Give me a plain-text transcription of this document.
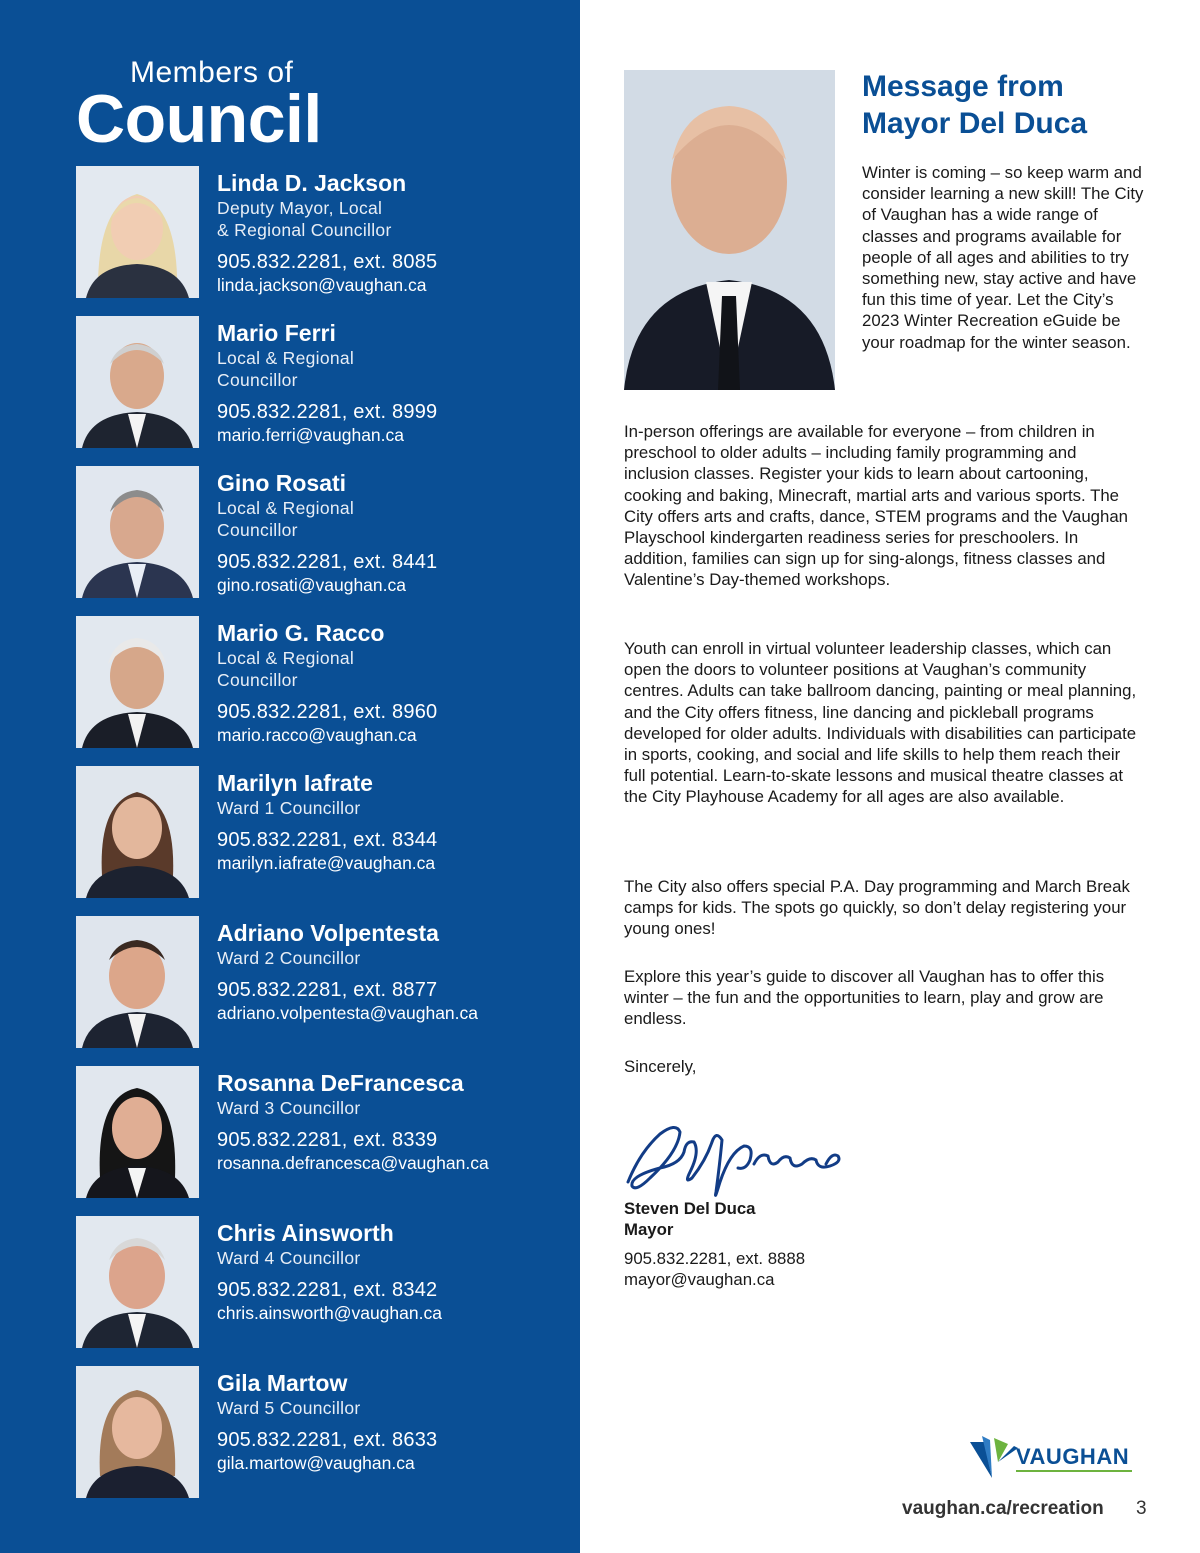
Members of
Council
Linda D. Jackson
Deputy Mayor, Local
& Regional Councillor
905.832.2281, ext. 8085
linda.jackson@vaughan.ca
Mario Ferri
Local & Regional
Councillor
905.832.2281, ext. 8999
mario.ferri@vaughan.ca
Gino Rosati
Local & Regional
Councillor
905.832.2281, ext. 8441
gino.rosati@vaughan.ca
Mario G. Racco
Local & Regional
Councillor
905.832.2281, ext. 8960
mario.racco@vaughan.ca
Marilyn Iafrate
Ward 1 Councillor
905.832.2281, ext. 8344
marilyn.iafrate@vaughan.ca
Adriano Volpentesta
Ward 2 Councillor
905.832.2281, ext. 8877
adriano.volpentesta@vaughan.ca
Rosanna DeFrancesca
Ward 3 Councillor
905.832.2281, ext. 8339
rosanna.defrancesca@vaughan.ca
Chris Ainsworth
Ward 4 Councillor
905.832.2281, ext. 8342
chris.ainsworth@vaughan.ca
Gila Martow
Ward 5 Councillor
905.832.2281, ext. 8633
gila.martow@vaughan.ca
Message from
Mayor Del Duca
Winter is coming – so keep warm and consider learning a new skill! The City of Vaughan has a wide range of classes and programs available for people of all ages and abilities to try something new, stay active and have fun this time of year. Let the City’s 2023 Winter Recreation eGuide be your roadmap for the winter season.
In-person offerings are available for everyone – from children in preschool to older adults – including family programming and inclusion classes. Register your kids to learn about cartooning, cooking and baking, Minecraft, martial arts and various sports. The City offers arts and crafts, dance, STEM programs and the Vaughan Playschool kindergarten readiness series for preschoolers. In addition, families can sign up for sing-alongs, fitness classes and Valentine’s Day-themed workshops.
Youth can enroll in virtual volunteer leadership classes, which can open the doors to volunteer positions at Vaughan’s community centres. Adults can take ballroom dancing, painting or meal planning, and the City offers fitness, line dancing and pickleball programs developed for older adults. Individuals with disabilities can participate in sports, cooking, and social and life skills to help them reach their full potential. Learn-to-skate lessons and musical theatre classes at the City Playhouse Academy for all ages are also available.
The City also offers special P.A. Day programming and March Break camps for kids. The spots go quickly, so don’t delay registering your young ones!
Explore this year’s guide to discover all Vaughan has to offer this winter – the fun and the opportunities to learn, play and grow are endless.
Sincerely,
Steven Del Duca
Mayor
905.832.2281, ext. 8888
mayor@vaughan.ca
VAUGHAN
vaughan.ca/recreation 3
